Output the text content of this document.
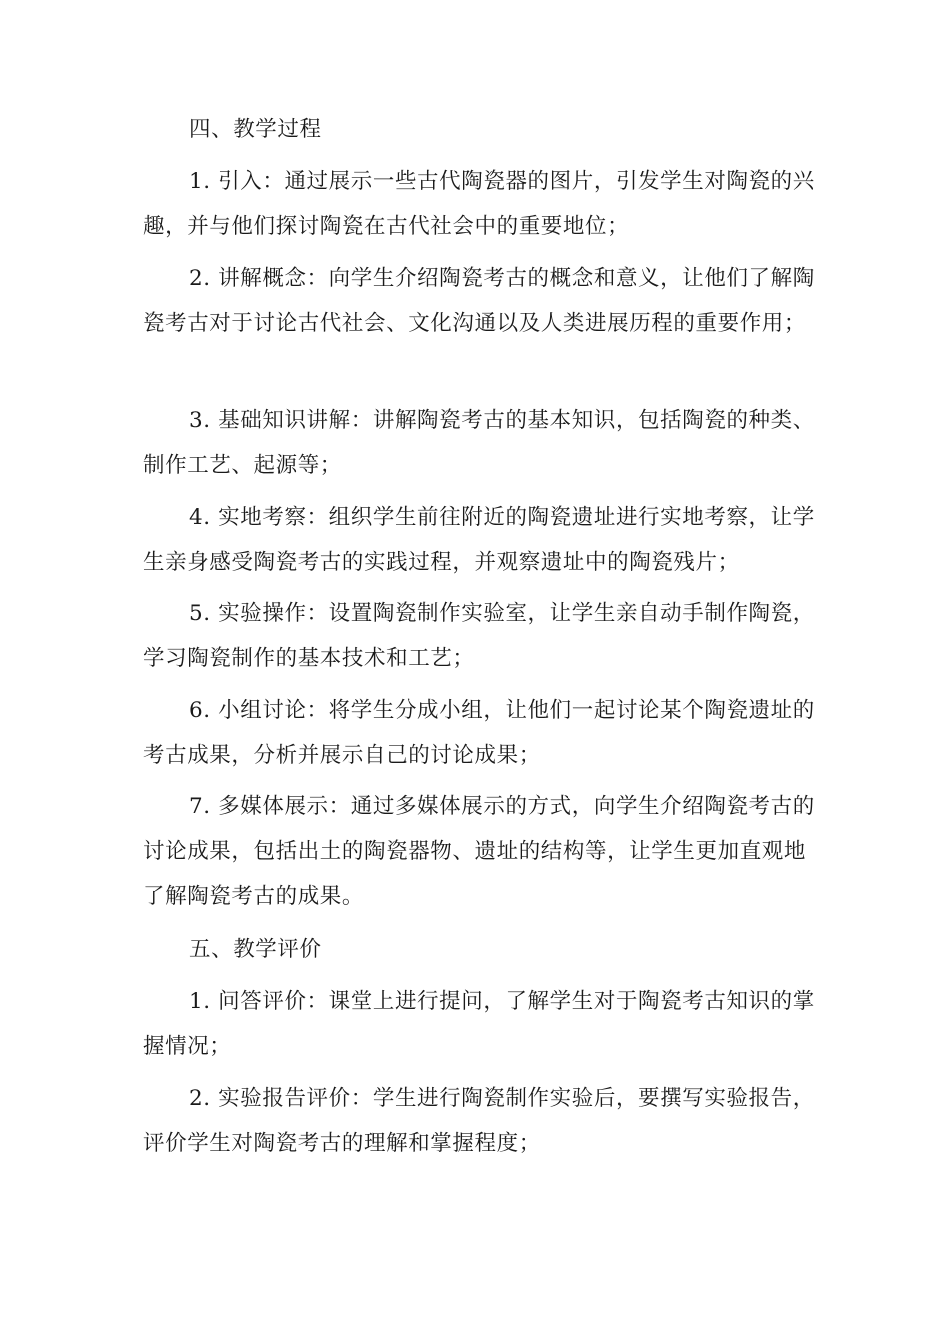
四、教学过程

1. 引入：通过展示一些古代陶瓷器的图片，引发学生对陶瓷的兴趣，并与他们探讨陶瓷在古代社会中的重要地位；

2. 讲解概念：向学生介绍陶瓷考古的概念和意义，让他们了解陶瓷考古对于讨论古代社会、文化沟通以及人类进展历程的重要作用；

3. 基础知识讲解：讲解陶瓷考古的基本知识，包括陶瓷的种类、制作工艺、起源等；

4. 实地考察：组织学生前往附近的陶瓷遗址进行实地考察，让学生亲身感受陶瓷考古的实践过程，并观察遗址中的陶瓷残片；

5. 实验操作：设置陶瓷制作实验室，让学生亲自动手制作陶瓷，学习陶瓷制作的基本技术和工艺；

6. 小组讨论：将学生分成小组，让他们一起讨论某个陶瓷遗址的考古成果，分析并展示自己的讨论成果；

7. 多媒体展示：通过多媒体展示的方式，向学生介绍陶瓷考古的讨论成果，包括出土的陶瓷器物、遗址的结构等，让学生更加直观地了解陶瓷考古的成果。

五、教学评价

1. 问答评价：课堂上进行提问，了解学生对于陶瓷考古知识的掌握情况；

2. 实验报告评价：学生进行陶瓷制作实验后，要撰写实验报告，评价学生对陶瓷考古的理解和掌握程度；
